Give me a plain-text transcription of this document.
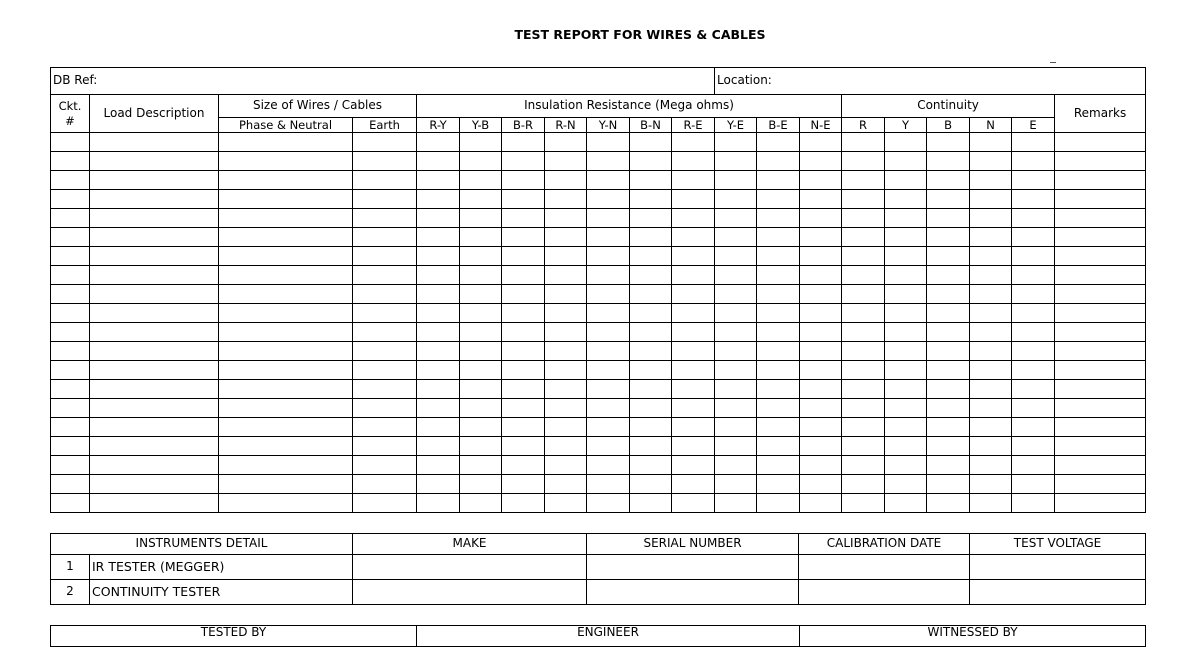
TEST REPORT FOR WIRES & CABLES
DB Ref:											Location:								

Ckt.
#	Load Description	Size of Wires / Cables		Insulation Resistance (Mega ohms)										Continuity					Remarks
		Phase & Neutral	Earth	R-Y	Y-B	B-R	R-N	Y-N	B-N	R-E	Y-E	B-E	N-E	R	Y	B	N	E	

INSTRUMENTS DETAIL		MAKE	SERIAL NUMBER	CALIBRATION DATE	TEST VOLTAGE
1	IR TESTER (MEGGER)				
2	CONTINUITY TESTER				
TESTED BY	ENGINEER	WITNESSED BY
